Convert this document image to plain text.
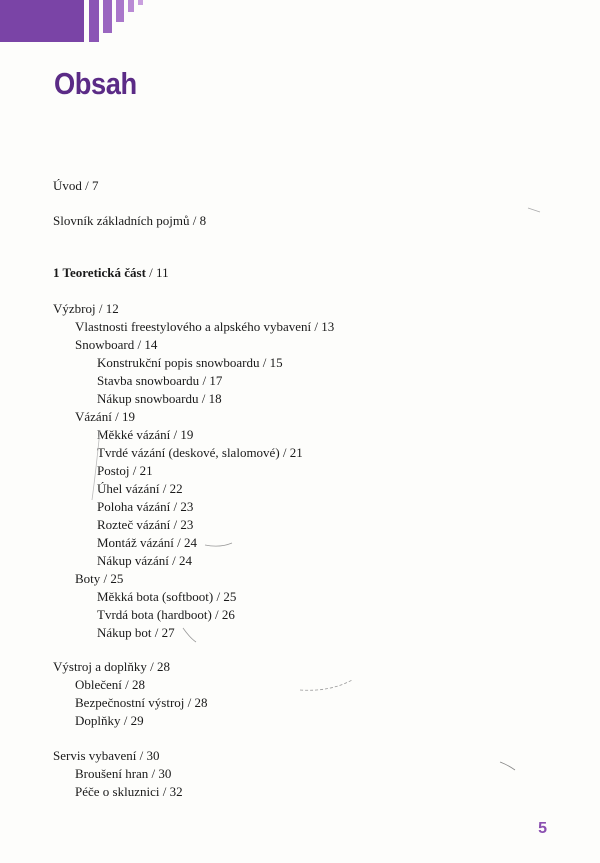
Obsah
Úvod / 7
Slovník základních pojmů / 8
1 Teoretická část / 11
Výzbroj / 12
Vlastnosti freestylového a alpského vybavení / 13
Snowboard / 14
Konstrukční popis snowboardu / 15
Stavba snowboardu / 17
Nákup snowboardu / 18
Vázání / 19
Měkké vázání / 19
Tvrdé vázání (deskové, slalomové) / 21
Postoj / 21
Úhel vázání / 22
Poloha vázání / 23
Rozteč vázání / 23
Montáž vázání / 24
Nákup vázání / 24
Boty / 25
Měkká bota (softboot) / 25
Tvrdá bota (hardboot) / 26
Nákup bot / 27
Výstroj a doplňky / 28
Oblečení / 28
Bezpečnostní výstroj / 28
Doplňky / 29
Servis vybavení / 30
Broušení hran / 30
Péče o skluznici / 32
5
